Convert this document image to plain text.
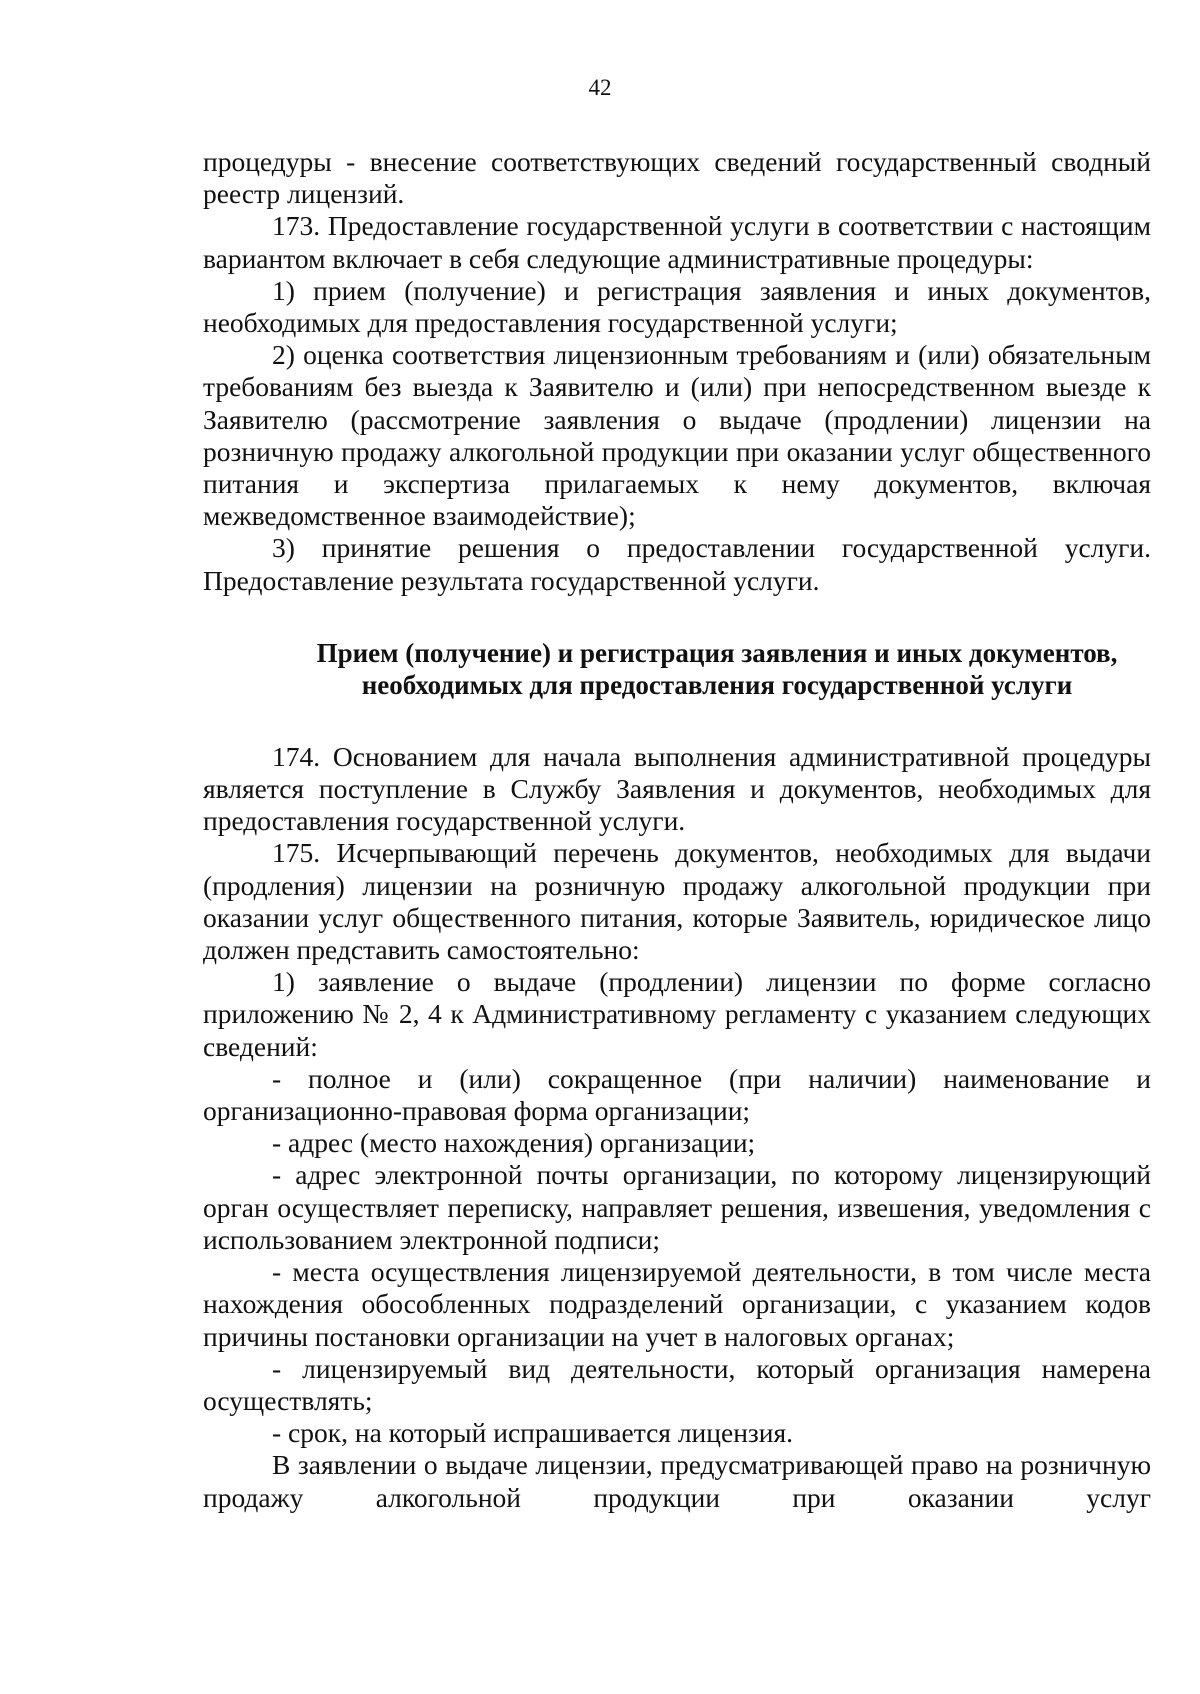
42

процедуры - внесение соответствующих сведений государственный сводный реестр лицензий.

173. Предоставление государственной услуги в соответствии с настоящим вариантом включает в себя следующие административные процедуры:

1) прием (получение) и регистрация заявления и иных документов, необходимых для предоставления государственной услуги;

2) оценка соответствия лицензионным требованиям и (или) обязательным требованиям без выезда к Заявителю и (или) при непосредственном выезде к Заявителю (рассмотрение заявления о выдаче (продлении) лицензии на розничную продажу алкогольной продукции при оказании услуг общественного питания и экспертиза прилагаемых к нему документов, включая межведомственное взаимодействие);

3) принятие решения о предоставлении государственной услуги. Предоставление результата государственной услуги.

Прием (получение) и регистрация заявления и иных документов,

необходимых для предоставления государственной услуги

174. Основанием для начала выполнения административной процедуры является поступление в Службу Заявления и документов, необходимых для предоставления государственной услуги.

175. Исчерпывающий перечень документов, необходимых для выдачи (продления) лицензии на розничную продажу алкогольной продукции при оказании услуг общественного питания, которые Заявитель, юридическое лицо должен представить самостоятельно:

1) заявление о выдаче (продлении) лицензии по форме согласно приложению № 2, 4 к Административному регламенту с указанием следующих сведений:

- полное и (или) сокращенное (при наличии) наименование и организационно-правовая форма организации;

- адрес (место нахождения) организации;

- адрес электронной почты организации, по которому лицензирующий орган осуществляет переписку, направляет решения, извешения, уведомления с использованием электронной подписи;

- места осуществления лицензируемой деятельности, в том числе места нахождения обособленных подразделений организации, с указанием кодов причины постановки организации на учет в налоговых органах;

- лицензируемый вид деятельности, который организация намерена осуществлять;

- срок, на который испрашивается лицензия.

В заявлении о выдаче лицензии, предусматривающей право на розничную продажу алкогольной продукции при оказании услуг
